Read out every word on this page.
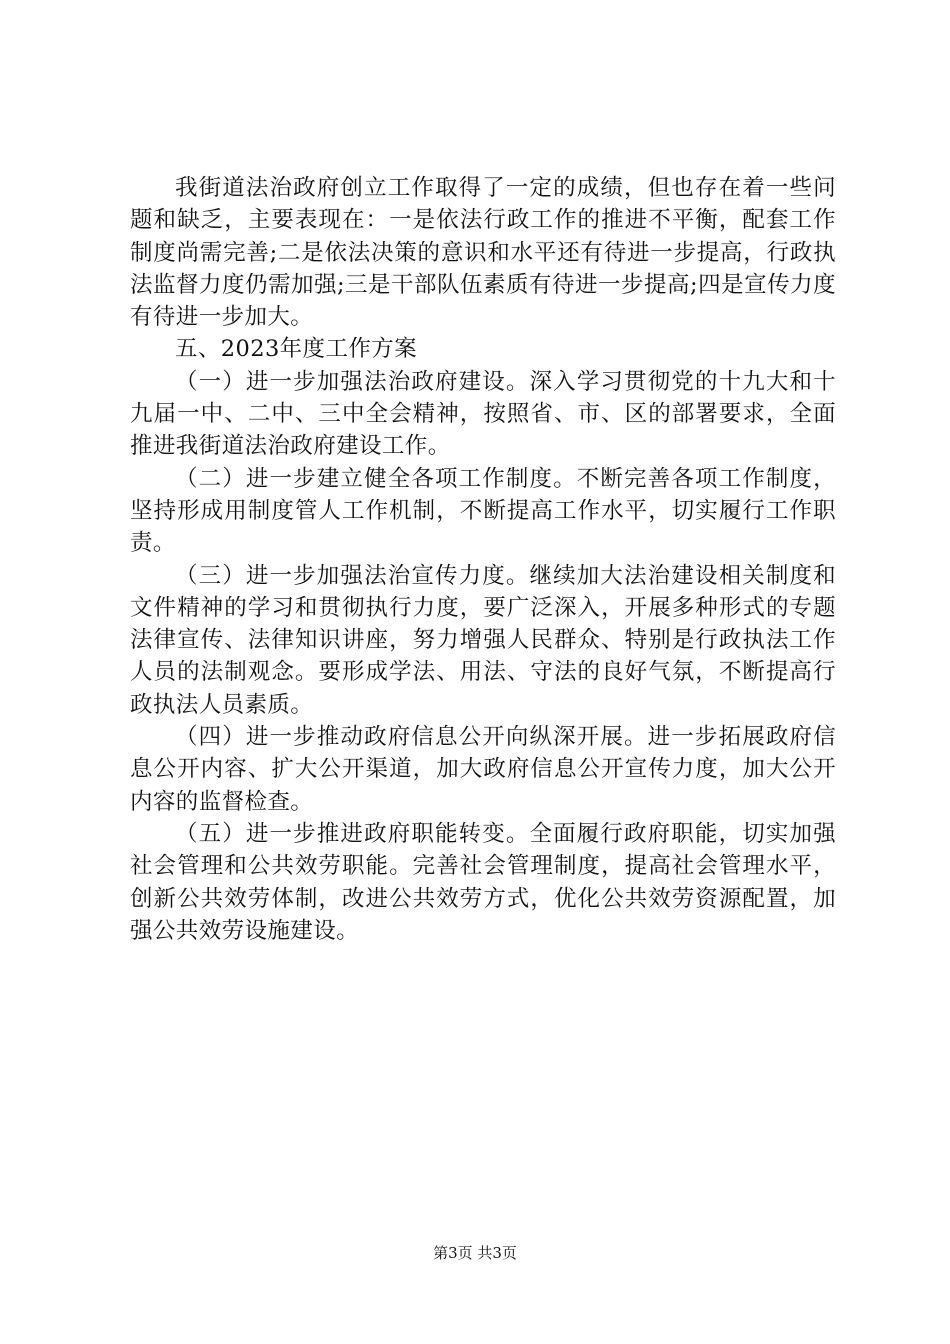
我街道法治政府创立工作取得了一定的成绩，但也存在着一些问题和缺乏，主要表现在：一是依法行政工作的推进不平衡，配套工作制度尚需完善;二是依法决策的意识和水平还有待进一步提高，行政执法监督力度仍需加强;三是干部队伍素质有待进一步提高;四是宣传力度有待进一步加大。

五、2023年度工作方案

（一）进一步加强法治政府建设。深入学习贯彻党的十九大和十九届一中、二中、三中全会精神，按照省、市、区的部署要求，全面推进我街道法治政府建设工作。

（二）进一步建立健全各项工作制度。不断完善各项工作制度，坚持形成用制度管人工作机制，不断提高工作水平，切实履行工作职责。

（三）进一步加强法治宣传力度。继续加大法治建设相关制度和文件精神的学习和贯彻执行力度，要广泛深入，开展多种形式的专题法律宣传、法律知识讲座，努力增强人民群众、特别是行政执法工作人员的法制观念。要形成学法、用法、守法的良好气氛，不断提高行政执法人员素质。

（四）进一步推动政府信息公开向纵深开展。进一步拓展政府信息公开内容、扩大公开渠道，加大政府信息公开宣传力度，加大公开内容的监督检查。

（五）进一步推进政府职能转变。全面履行政府职能，切实加强社会管理和公共效劳职能。完善社会管理制度，提高社会管理水平，创新公共效劳体制，改进公共效劳方式，优化公共效劳资源配置，加强公共效劳设施建设。

第3页 共3页
